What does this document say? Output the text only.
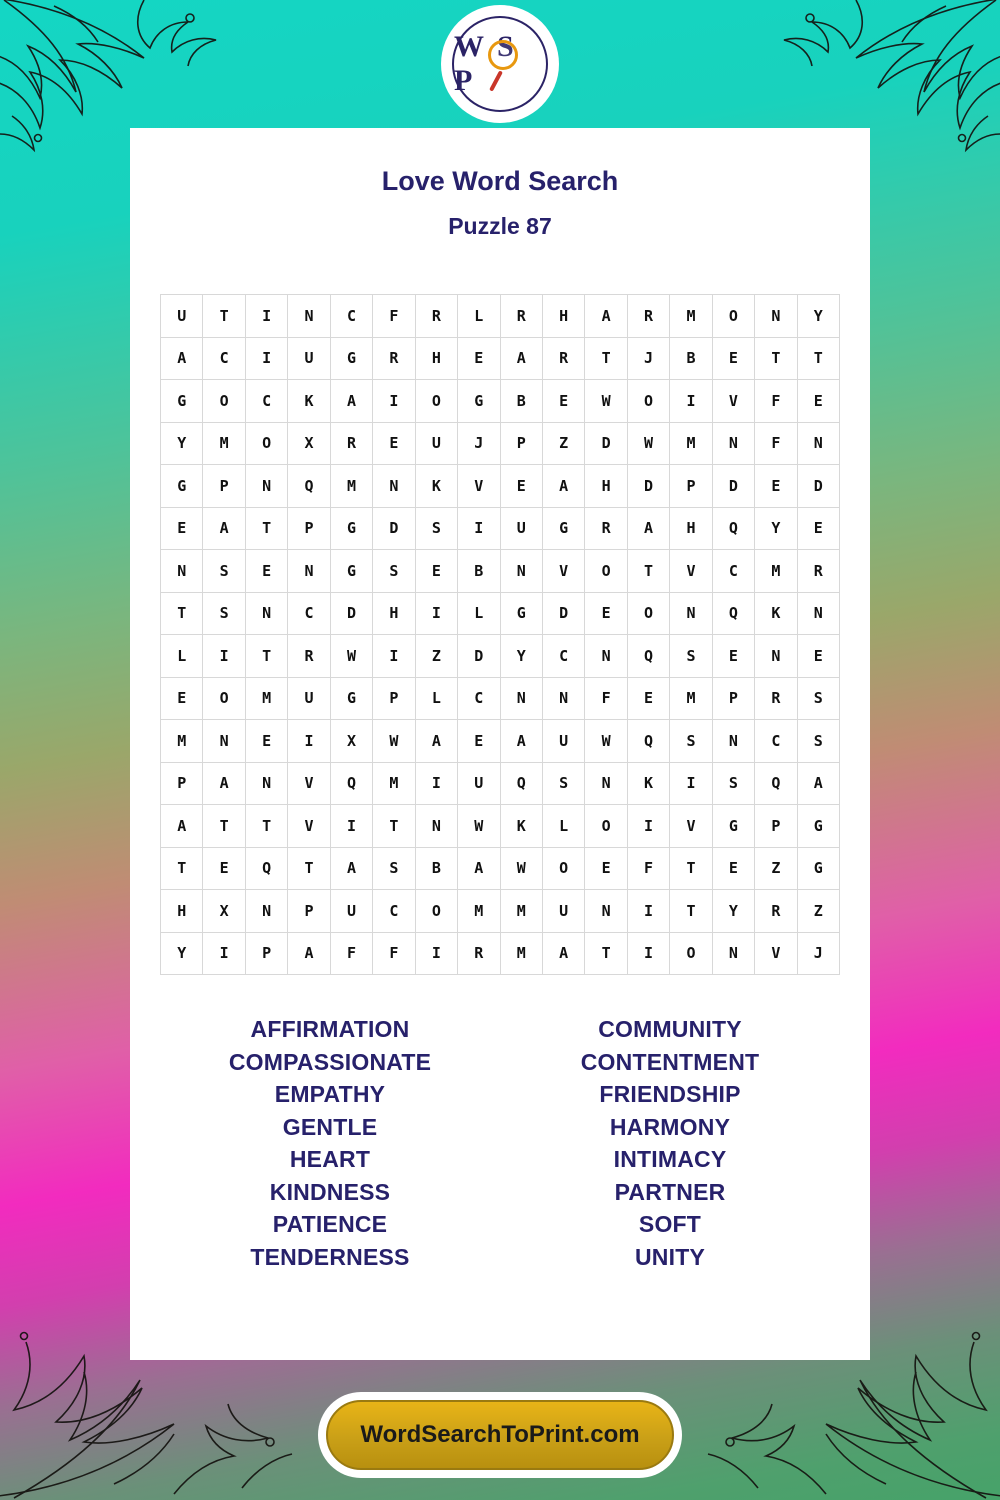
W S P
Love Word Search
Puzzle 87
U	T	I	N	C	F	R	L	R	H	A	R	M	O	N	Y
A	C	I	U	G	R	H	E	A	R	T	J	B	E	T	T
G	O	C	K	A	I	O	G	B	E	W	O	I	V	F	E
Y	M	O	X	R	E	U	J	P	Z	D	W	M	N	F	N
G	P	N	Q	M	N	K	V	E	A	H	D	P	D	E	D
E	A	T	P	G	D	S	I	U	G	R	A	H	Q	Y	E
N	S	E	N	G	S	E	B	N	V	O	T	V	C	M	R
T	S	N	C	D	H	I	L	G	D	E	O	N	Q	K	N
L	I	T	R	W	I	Z	D	Y	C	N	Q	S	E	N	E
E	O	M	U	G	P	L	C	N	N	F	E	M	P	R	S
M	N	E	I	X	W	A	E	A	U	W	Q	S	N	C	S
P	A	N	V	Q	M	I	U	Q	S	N	K	I	S	Q	A
A	T	T	V	I	T	N	W	K	L	O	I	V	G	P	G
T	E	Q	T	A	S	B	A	W	O	E	F	T	E	Z	G
H	X	N	P	U	C	O	M	M	U	N	I	T	Y	R	Z
Y	I	P	A	F	F	I	R	M	A	T	I	O	N	V	J
AFFIRMATION
COMPASSIONATE
EMPATHY
GENTLE
HEART
KINDNESS
PATIENCE
TENDERNESS
COMMUNITY
CONTENTMENT
FRIENDSHIP
HARMONY
INTIMACY
PARTNER
SOFT
UNITY
WordSearchToPrint.com
